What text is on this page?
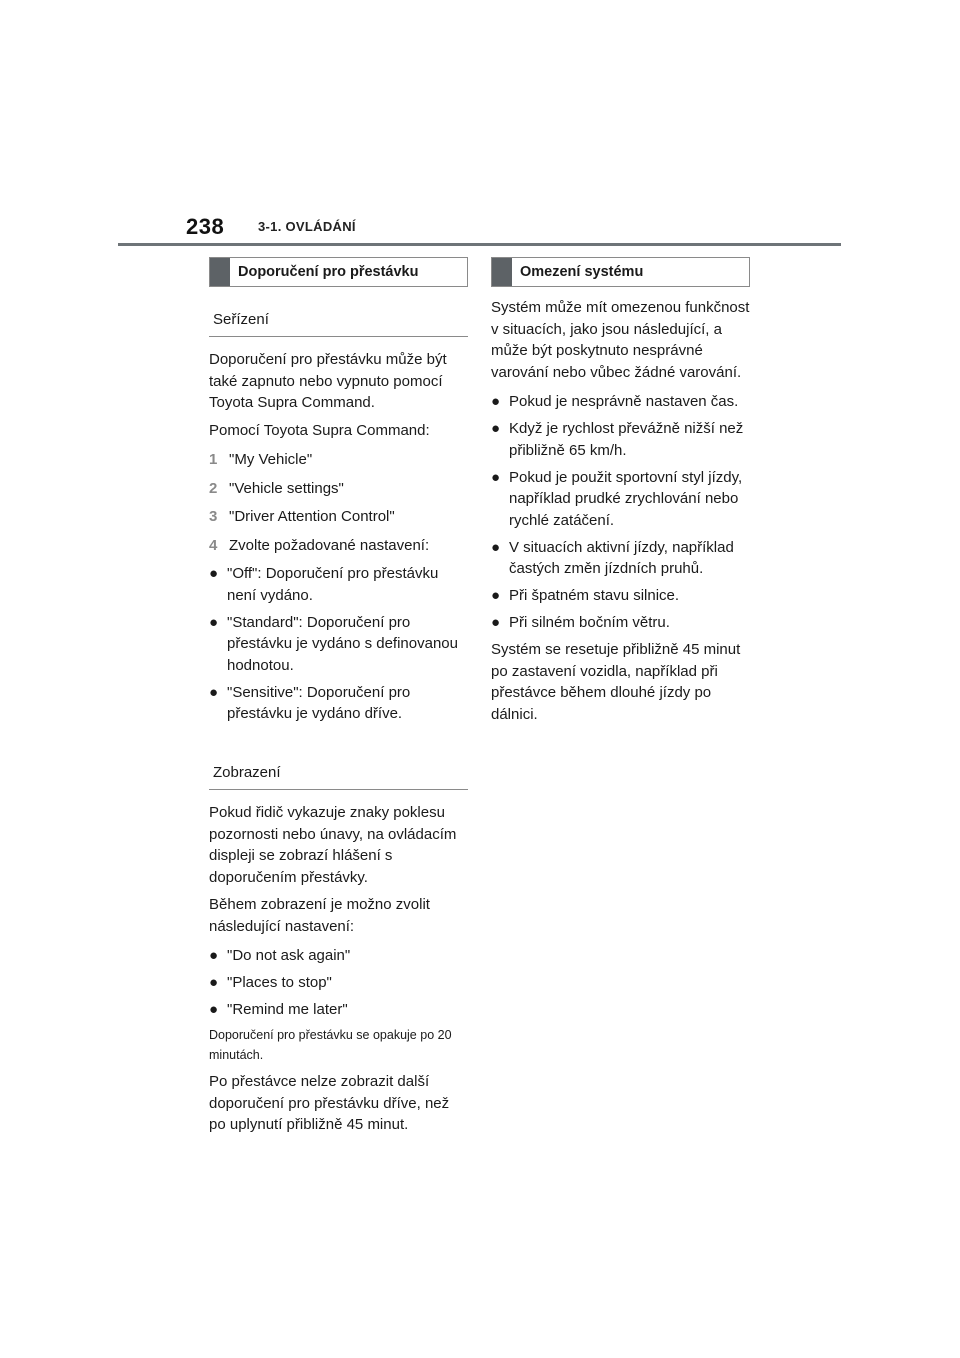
238	3-1. OVLÁDÁNÍ
Doporučení pro přestávku
Seřízení

Doporučení pro přestávku může být také zapnuto nebo vypnuto pomocí Toyota Supra Command.

Pomocí Toyota Supra Command:

1 "My Vehicle"
2 "Vehicle settings"
3 "Driver Attention Control"
4 Zvolte požadované nastavení:
● "Off": Doporučení pro přestávku není vydáno.
● "Standard": Doporučení pro přestávku je vydáno s definovanou hodnotou.
● "Sensitive": Doporučení pro přestávku je vydáno dříve.
Zobrazení

Pokud řidič vykazuje znaky poklesu pozornosti nebo únavy, na ovládacím displeji se zobrazí hlášení s doporučením přestávky.

Během zobrazení je možno zvolit následující nastavení:

● "Do not ask again"
● "Places to stop"
● "Remind me later"

Doporučení pro přestávku se opakuje po 20 minutách.

Po přestávce nelze zobrazit další doporučení pro přestávku dříve, než po uplynutí přibližně 45 minut.

Omezení systému

Systém může mít omezenou funkčnost v situacích, jako jsou následující, a může být poskytnuto nesprávné varování nebo vůbec žádné varování.

● Pokud je nesprávně nastaven čas.
● Když je rychlost převážně nižší než přibližně 65 km/h.
● Pokud je použit sportovní styl jízdy, například prudké zrychlování nebo rychlé zatáčení.
● V situacích aktivní jízdy, například častých změn jízdních pruhů.
● Při špatném stavu silnice.
● Při silném bočním větru.

Systém se resetuje přibližně 45 minut po zastavení vozidla, například při přestávce během dlouhé jízdy po dálnici.
